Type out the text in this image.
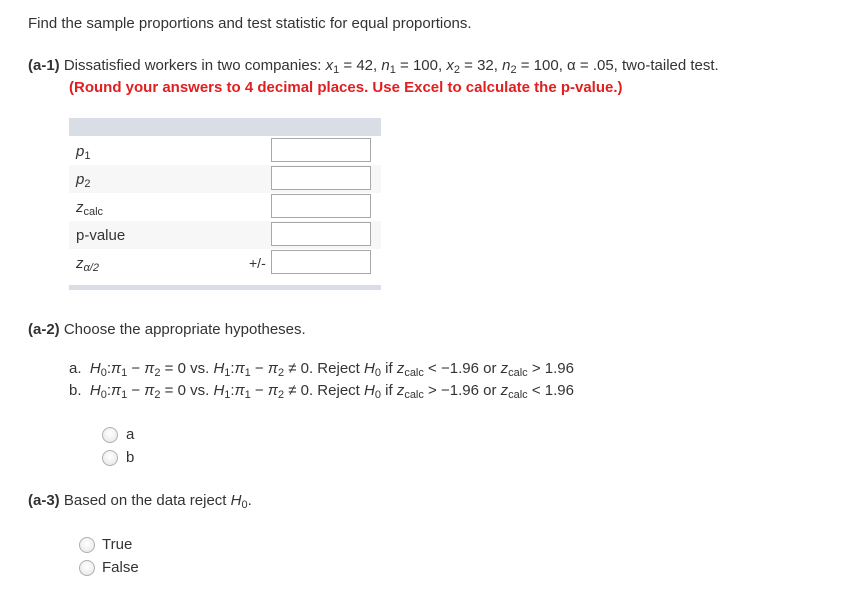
Find the sample proportions and test statistic for equal proportions.
(a-1) Dissatisfied workers in two companies: $x_1 = 42$, $n_1 = 100$, $x_2 = 32$, $n_2 = 100$, α = .05, two-tailed test.
(Round your answers to 4 decimal places. Use Excel to calculate the p-value.)
$p_1$
$p_2$
$z_{calc}$
p-value
$z_{\alpha/2}$	+/-
(a-2) Choose the appropriate hypotheses.
a. $H_0:\pi_1 - \pi_2 = 0$ vs. $H_1:\pi_1 - \pi_2 \ne 0$. Reject $H_0$ if $z_{calc} < -1.96$ or $z_{calc} > 1.96$
b. $H_0:\pi_1 - \pi_2 = 0$ vs. $H_1:\pi_1 - \pi_2 \ne 0$. Reject $H_0$ if $z_{calc} > -1.96$ or $z_{calc} < 1.96$
a
b
(a-3) Based on the data reject $H_0$.
True
False
